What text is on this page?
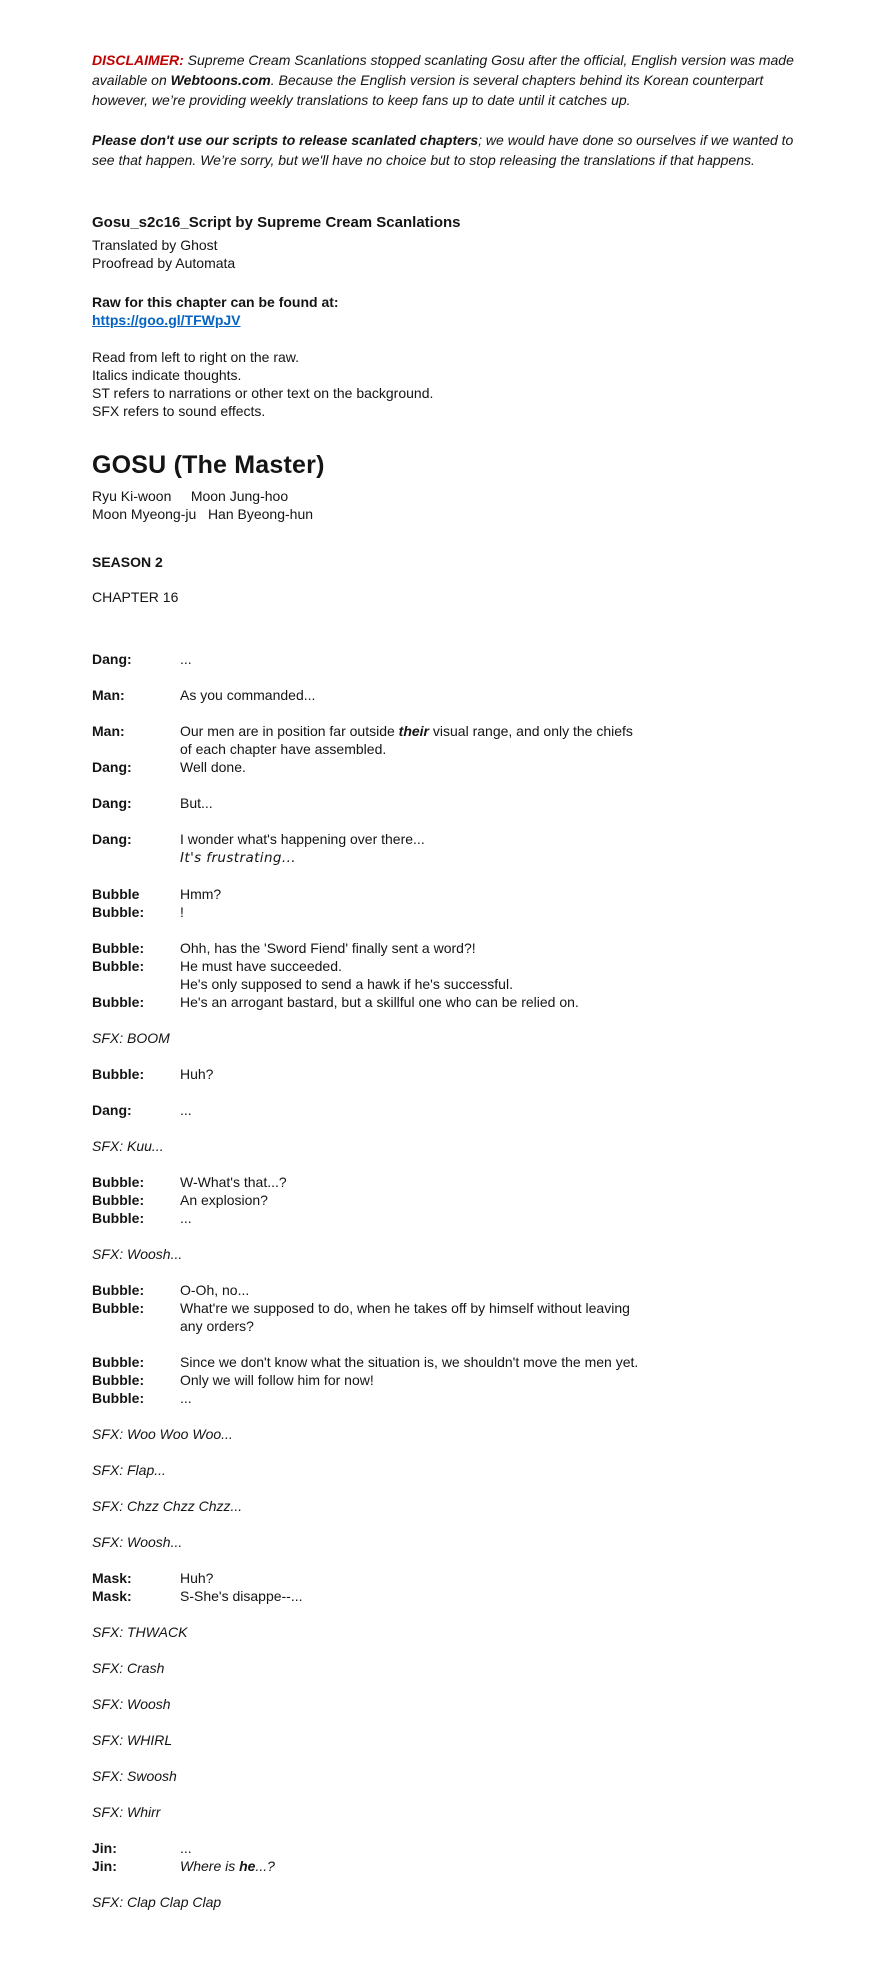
DISCLAIMER: Supreme Cream Scanlations stopped scanlating Gosu after the official, English version was made available on Webtoons.com. Because the English version is several chapters behind its Korean counterpart however, we’re providing weekly translations to keep fans up to date until it catches up.
Please don't use our scripts to release scanlated chapters; we would have done so ourselves if we wanted to see that happen. We’re sorry, but we'll have no choice but to stop releasing the translations if that happens.
Gosu_s2c16_Script by Supreme Cream Scanlations
Translated by Ghost
Proofread by Automata
Raw for this chapter can be found at:
https://goo.gl/TFWpJV
Read from left to right on the raw.
Italics indicate thoughts.
ST refers to narrations or other text on the background.
SFX refers to sound effects.
GOSU (The Master)
Ryu Ki-woon     Moon Jung-hoo
Moon Myeong-ju   Han Byeong-hun
SEASON 2
CHAPTER 16
Dang:	...
Man:	As you commanded...
Man:	Our men are in position far outside their visual range, and only the chiefs
of each chapter have assembled.
Dang:	Well done.
Dang:	But...
Dang:	I wonder what's happening over there...
It's frustrating...
Bubble	Hmm?
Bubble:	!
Bubble:	Ohh, has the 'Sword Fiend' finally sent a word?!
Bubble:	He must have succeeded.
He's only supposed to send a hawk if he's successful.
Bubble:	He's an arrogant bastard, but a skillful one who can be relied on.
SFX: BOOM
Bubble:	Huh?
Dang:	...
SFX: Kuu...
Bubble:	W-What's that...?
Bubble:	An explosion?
Bubble:	...
SFX: Woosh...
Bubble:	O-Oh, no...
Bubble:	What're we supposed to do, when he takes off by himself without leaving
any orders?
Bubble:	Since we don't know what the situation is, we shouldn't move the men yet.
Bubble:	Only we will follow him for now!
Bubble:	...
SFX: Woo Woo Woo...
SFX: Flap...
SFX: Chzz Chzz Chzz...
SFX: Woosh...
Mask:	Huh?
Mask:	S-She's disappe--...
SFX: THWACK
SFX: Crash
SFX: Woosh
SFX: WHIRL
SFX: Swoosh
SFX: Whirr
Jin:	...
Jin:	Where is he...?
SFX: Clap Clap Clap
